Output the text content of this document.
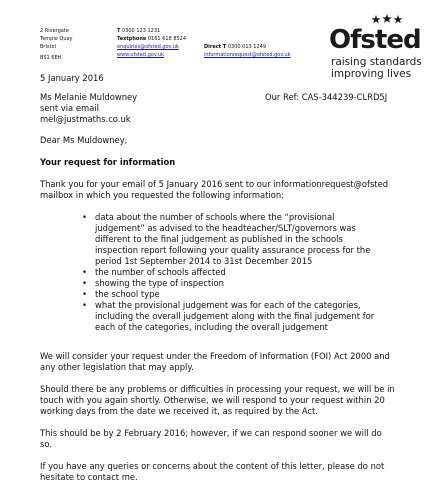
2 Rivergate
Temple Quay
Bristol
BS1 6EH
T 0300 123 1231
Textphone 0161 618 8524
enquiries@ofsted.gov.uk
www.ofsted.gov.uk
Direct T 0300 013 1249
informationrequest@ofsted.gov.uk Ofsted
raising standards
improving lives
5 January 2016
Ms Melanie Muldowney
sent via email
mel@justmaths.co.uk
Our Ref: CAS-344239-CLRD5J
Dear Ms Muldowney,
Your request for information
Thank you for your email of 5 January 2016 sent to our informationrequest@ofsted
mailbox in which you requested the following information:
• data about the number of schools where the “provisional
judgement” as advised to the headteacher/SLT/governors was
different to the final judgement as published in the schools
inspection report following your quality assurance process for the
period 1st September 2014 to 31st December 2015
• the number of schools affected
• showing the type of inspection
• the school type
• what the provisional judgement was for each of the categories,
including the overall judgement along with the final judgement for
each of the categories, including the overall judgement
We will consider your request under the Freedom of Information (FOI) Act 2000 and
any other legislation that may apply.
Should there be any problems or difficulties in processing your request, we will be in
touch with you again shortly. Otherwise, we will respond to your request within 20
working days from the date we received it, as required by the Act.
This should be by 2 February 2016; however, if we can respond sooner we will do
so.
If you have any queries or concerns about the content of this letter, please do not
hesitate to contact me.
